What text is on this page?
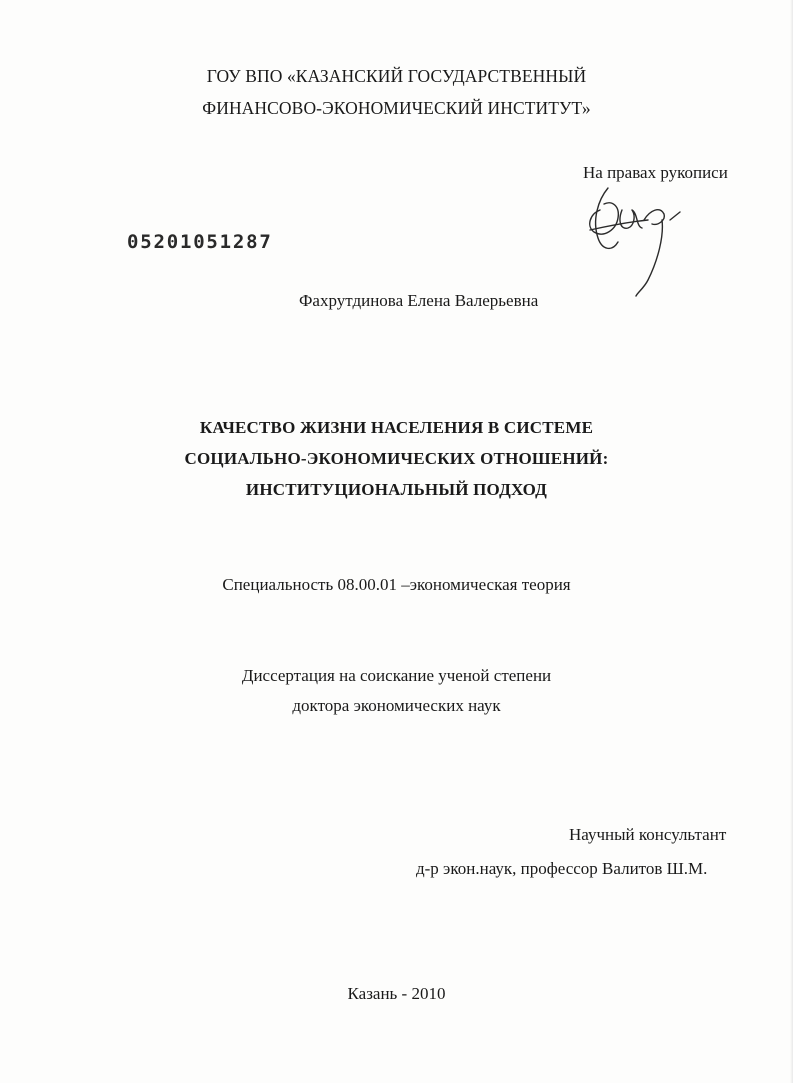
ГОУ ВПО «КАЗАНСКИЙ ГОСУДАРСТВЕННЫЙ
ФИНАНСОВО-ЭКОНОМИЧЕСКИЙ ИНСТИТУТ»
На правах рукописи
05201051287
Фахрутдинова Елена Валерьевна
КАЧЕСТВО ЖИЗНИ НАСЕЛЕНИЯ В СИСТЕМЕ
СОЦИАЛЬНО-ЭКОНОМИЧЕСКИХ ОТНОШЕНИЙ:
ИНСТИТУЦИОНАЛЬНЫЙ ПОДХОД
Специальность 08.00.01 –экономическая теория
Диссертация на соискание ученой степени
доктора экономических наук
Научный консультант
д-р экон.наук, профессор Валитов Ш.М.
Казань - 2010
